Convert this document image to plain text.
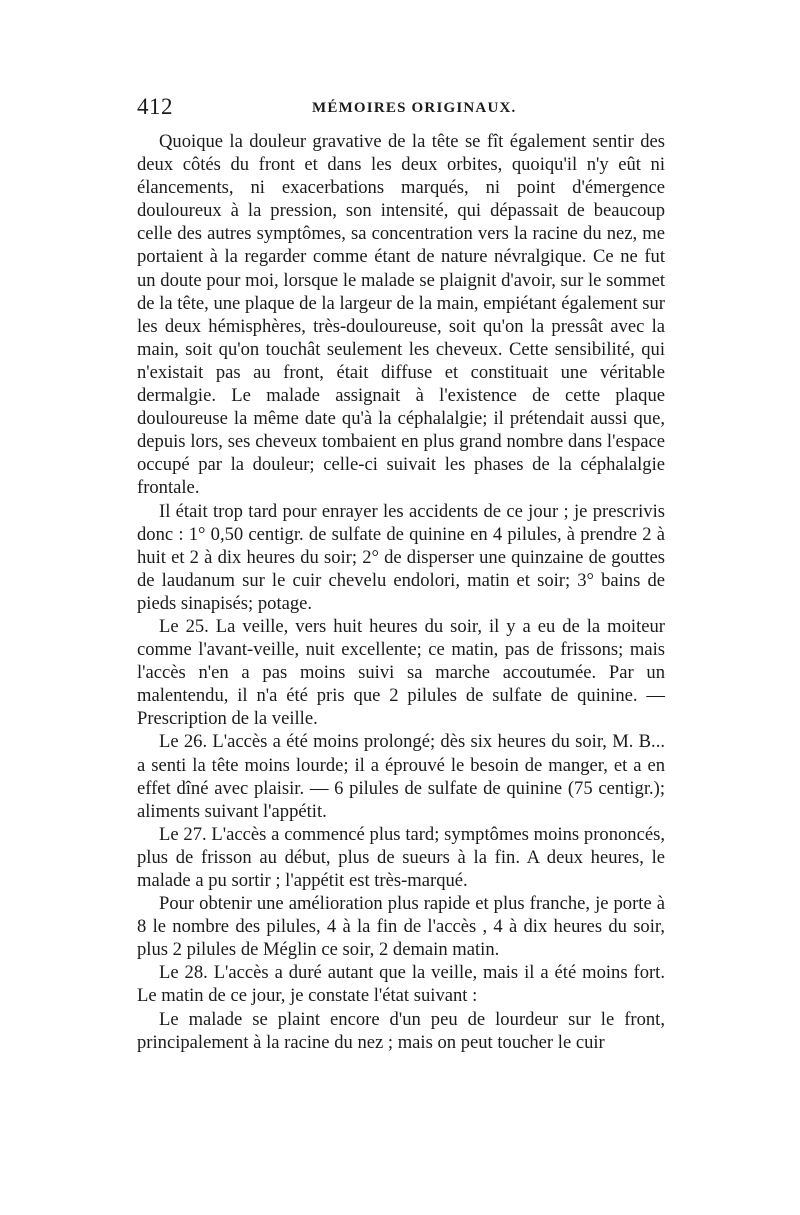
412	MÉMOIRES ORIGINAUX.

Quoique la douleur gravative de la tête se fît également sentir des deux côtés du front et dans les deux orbites, quoiqu'il n'y eût ni élancements, ni exacerbations marqués, ni point d'émergence douloureux à la pression, son intensité, qui dépassait de beaucoup celle des autres symptômes, sa concentration vers la racine du nez, me portaient à la regarder comme étant de nature névralgique. Ce ne fut un doute pour moi, lorsque le malade se plaignit d'avoir, sur le sommet de la tête, une plaque de la largeur de la main, empiétant également sur les deux hémisphères, très-douloureuse, soit qu'on la pressât avec la main, soit qu'on touchât seulement les cheveux. Cette sensibilité, qui n'existait pas au front, était diffuse et constituait une véritable dermalgie. Le malade assignait à l'existence de cette plaque douloureuse la même date qu'à la céphalalgie; il prétendait aussi que, depuis lors, ses cheveux tombaient en plus grand nombre dans l'espace occupé par la douleur; celle-ci suivait les phases de la céphalalgie frontale.

Il était trop tard pour enrayer les accidents de ce jour ; je prescrivis donc : 1° 0,50 centigr. de sulfate de quinine en 4 pilules, à prendre 2 à huit et 2 à dix heures du soir; 2° de disperser une quinzaine de gouttes de laudanum sur le cuir chevelu endolori, matin et soir; 3° bains de pieds sinapisés; potage.

Le 25. La veille, vers huit heures du soir, il y a eu de la moiteur comme l'avant-veille, nuit excellente; ce matin, pas de frissons; mais l'accès n'en a pas moins suivi sa marche accoutumée. Par un malentendu, il n'a été pris que 2 pilules de sulfate de quinine. — Prescription de la veille.

Le 26. L'accès a été moins prolongé; dès six heures du soir, M. B... a senti la tête moins lourde; il a éprouvé le besoin de manger, et a en effet dîné avec plaisir. — 6 pilules de sulfate de quinine (75 centigr.); aliments suivant l'appétit.

Le 27. L'accès a commencé plus tard; symptômes moins prononcés, plus de frisson au début, plus de sueurs à la fin. A deux heures, le malade a pu sortir ; l'appétit est très-marqué.

Pour obtenir une amélioration plus rapide et plus franche, je porte à 8 le nombre des pilules, 4 à la fin de l'accès , 4 à dix heures du soir, plus 2 pilules de Méglin ce soir, 2 demain matin.

Le 28. L'accès a duré autant que la veille, mais il a été moins fort. Le matin de ce jour, je constate l'état suivant :

Le malade se plaint encore d'un peu de lourdeur sur le front, principalement à la racine du nez ; mais on peut toucher le cuir
